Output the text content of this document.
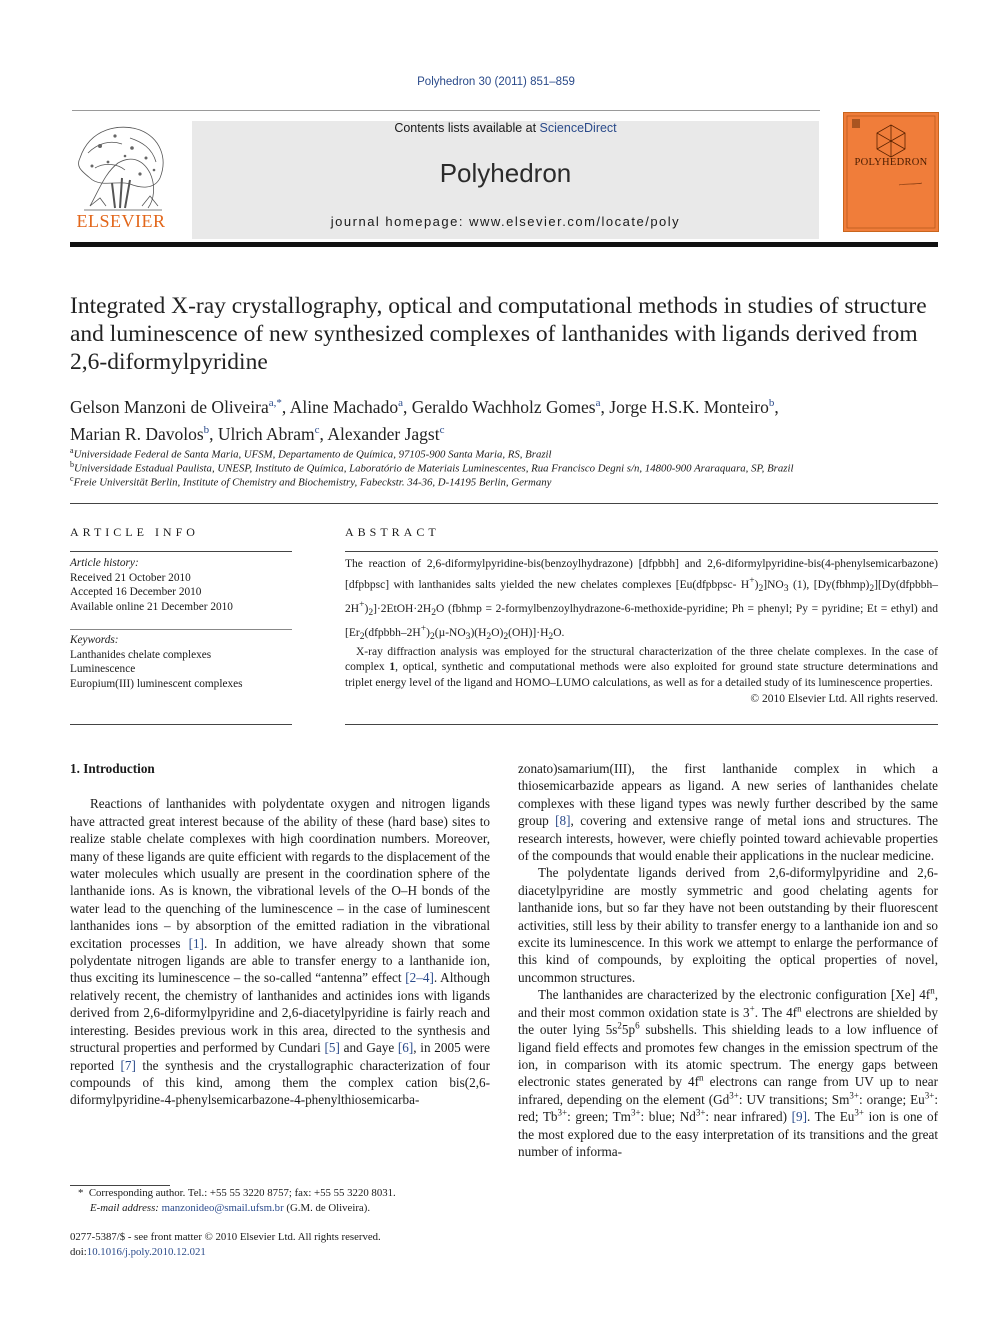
Polyhedron 30 (2011) 851–859
ELSEVIER
Contents lists available at ScienceDirect
Polyhedron
journal homepage: www.elsevier.com/locate/poly
POLYHEDRON
Integrated X-ray crystallography, optical and computational methods in studies of structure and luminescence of new synthesized complexes of lanthanides with ligands derived from 2,6-diformylpyridine
Gelson Manzoni de Oliveira$^{a,*}$, Aline Machado$^a$, Geraldo Wachholz Gomes$^a$, Jorge H.S.K. Monteiro$^b$,
Marian R. Davolos$^b$, Ulrich Abram$^c$, Alexander Jagst$^c$
$^a$Universidade Federal de Santa Maria, UFSM, Departamento de Química, 97105-900 Santa Maria, RS, Brazil
$^b$Universidade Estadual Paulista, UNESP, Instituto de Química, Laboratório de Materiais Luminescentes, Rua Francisco Degni s/n, 14800-900 Araraquara, SP, Brazil
$^c$Freie Universität Berlin, Institute of Chemistry and Biochemistry, Fabeckstr. 34-36, D-14195 Berlin, Germany
ARTICLE INFO	ABSTRACT
Article history:
Received 21 October 2010
Accepted 16 December 2010
Available online 21 December 2010
Keywords:
Lanthanides chelate complexes
Luminescence
Europium(III) luminescent complexes

The reaction of 2,6-diformylpyridine-bis(benzoylhydrazone) [dfpbbh] and 2,6-diformylpyridine-bis(4-phenylsemicarbazone) [dfpbpsc] with lanthanides salts yielded the new chelates complexes [Eu(dfpbpsc- $H^+)_2]NO_3$ (1), $[Dy(fbhmp)_2][Dy(dfpbbh-2H^+)_2]\cdot 2EtOH\cdot 2H_2O$ (fbhmp = 2-formylbenzoylhydrazone-6-methoxide-pyridine; Ph = phenyl; Py = pyridine; Et = ethyl) and $[Er_2(dfpbbh-2H^+)_2(\mu-NO_3)(H_2O)_2(OH)]\cdot H_2O$.

X-ray diffraction analysis was employed for the structural characterization of the three chelate complexes. In the case of complex 1, optical, synthetic and computational methods were also exploited for ground state structure determinations and triplet energy level of the ligand and HOMO–LUMO calculations, as well as for a detailed study of its luminescence properties.

© 2010 Elsevier Ltd. All rights reserved.

1. Introduction

Reactions of lanthanides with polydentate oxygen and nitrogen ligands have attracted great interest because of the ability of these (hard base) sites to realize stable chelate complexes with high coordination numbers. Moreover, many of these ligands are quite efficient with regards to the displacement of the water molecules which usually are present in the coordination sphere of the lanthanide ions. As is known, the vibrational levels of the O–H bonds of the water lead to the quenching of the luminescence – in the case of luminescent lanthanides ions – by absorption of the emitted radiation in the vibrational excitation processes [1]. In addition, we have already shown that some polydentate nitrogen ligands are able to transfer energy to a lanthanide ion, thus exciting its luminescence – the so-called “antenna” effect [2–4]. Although relatively recent, the chemistry of lanthanides and actinides ions with ligands derived from 2,6-diformylpyridine and 2,6-diacetylpyridine is fairly reach and interesting. Besides previous work in this area, directed to the synthesis and structural properties and performed by Cundari [5] and Gaye [6], in 2005 were reported [7] the synthesis and the crystallographic characterization of four compounds of this kind, among them the complex cation bis(2,6-diformylpyridine-4-phenylsemicarbazone-4-phenylthiosemicarba-

zonato)samarium(III), the first lanthanide complex in which a thiosemicarbazide appears as ligand. A new series of lanthanides chelate complexes with these ligand types was newly further described by the same group [8], covering and extensive range of metal ions and structures. The research interests, however, were chiefly pointed toward achievable properties of the compounds that would enable their applications in the nuclear medicine.

The polydentate ligands derived from 2,6-diformylpyridine and 2,6-diacetylpyridine are mostly symmetric and good chelating agents for lanthanide ions, but so far they have not been outstanding by their fluorescent activities, still less by their ability to transfer energy to a lanthanide ion and so excite its luminescence. In this work we attempt to enlarge the performance of this kind of compounds, by exploiting the optical properties of novel, uncommon structures.

The lanthanides are characterized by the electronic configuration [Xe] $4f^n$, and their most common oxidation state is 3+. The $4f^n$ electrons are shielded by the outer lying $5s^25p^6$ subshells. This shielding leads to a low influence of ligand field effects and promotes few changes in the emission spectrum of the ion, in comparison with its atomic spectrum. The energy gaps between electronic states generated by $4f^n$ electrons can range from UV up to near infrared, depending on the element ($Gd^{3+}$: UV transitions; $Sm^{3+}$: orange; $Eu^{3+}$: red; $Tb^{3+}$: green; $Tm^{3+}$: blue; $Nd^{3+}$: near infrared) [9]. The $Eu^{3+}$ ion is one of the most explored due to the easy interpretation of its transitions and the great number of informa-

* Corresponding author. Tel.: +55 55 3220 8757; fax: +55 55 3220 8031.
E-mail address: manzonideo@smail.ufsm.br (G.M. de Oliveira).
0277-5387/$ - see front matter © 2010 Elsevier Ltd. All rights reserved.
doi:10.1016/j.poly.2010.12.021
